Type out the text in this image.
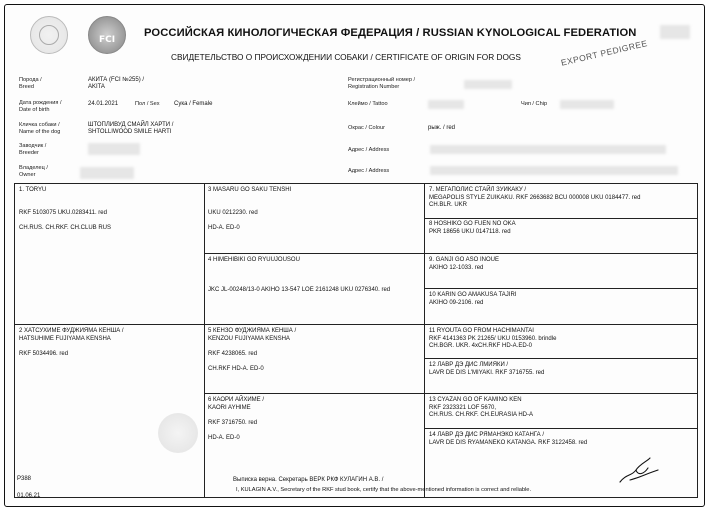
FCI
РОССИЙСКАЯ КИНОЛОГИЧЕСКАЯ ФЕДЕРАЦИЯ / RUSSIAN KYNOLOGICAL FEDERATION
СВИДЕТЕЛЬСТВО О ПРОИСХОЖДЕНИИ СОБАКИ / CERTIFICATE OF ORIGIN FOR DOGS	EXPORT PEDIGREE
Порода /
Breed
АКИТА (FCI №255) /
AKITA
Регистрационный номер /
Registration Number
Дата рождения /
Date of birth
24.01.2021	Пол / Sex Сука / Female	Клеймо / Tattoo	Чип / Chip
Кличка собаки /
Name of the dog
ШТОПЛИВУД СМАЙЛ ХАРТИ /
SHTOLLIWOOD SMILE HARTI
Окрас / Colour	рыж. / red
Заводчик /
Breeder	Адрес / Address
Владелец /
Owner
Адрес / Address
1. TORYU

RKF 5103075 UKU.0283411. red

CH.RUS. CH.RKF. CH.CLUB RUS
2 ХАТСУХИМЕ ФУДЖИЯМА КЕНША /
HATSUHIME FUJIYAMA KENSHA

RKF 5034496. red
3 MASARU GO SAKU TENSHI

UKU 0212230. red

HD-A. ED-0
4 HIMEHIBIKI GO RYUUJOUSOU

JKC JL-00248/13-0 AKIHO 13-547 LOE 2161248 UKU 0276340. red
5 КЕНЗО ФУДЖИЯМА КЕНША /
KENZOU FUJIYAMA KENSHA

RKF 4238065. red

CH.RKF HD-A. ED-0
6 КАОРИ АЙХИМЕ /
KAORI AYHIME

RKF 3716750. red

HD-A. ED-0
7. МЕГАПОЛИС СТАЙЛ ЗУИКАКУ /
MEGAPOLIS STYLE ZUIKAKU. RKF 2663682 BCU 000008 UKU 0184477. red
CH.BLR. UKR
8 HOSHIKO GO FUEN NO OKA
PKR 18656 UKU 0147118. red
9. GANJI GO ASO INOUE
AKIHO 12-1033. red
10 KARIN GO AMAKUSA TAJIRI
AKIHO 09-2106. red
11 RYOUTA GO FROM HACHIMANTAI
RKF 4141363 PK 21265/ UKU 0153960. brindle
CH.BGR. UKR. 4xCH.RKF HD-A.ED-0
12 ЛАВР ДЭ ДИС ЛМИЯКИ /
LAVR DE DIS L'MIYAKI. RKF 3716755. red
13 CYAZAN GO OF KAMINO KEN
RKF 2323321 LOF 5670,
CH.RUS. CH.RKF. CH.EURASIA HD-A
14 ЛАВР ДЭ ДИС РЯМАНЭКО КАТАНГА /
LAVR DE DIS RYAMANEKO KATANGA. RKF 3122458. red
P388
01.06.21
Выписка верна. Секретарь ВЕРК РКФ КУЛАГИН А.В. /
I, KULAGIN A.V., Secretary of the RKF stud book, certify that the above-mentioned information is correct and reliable.
